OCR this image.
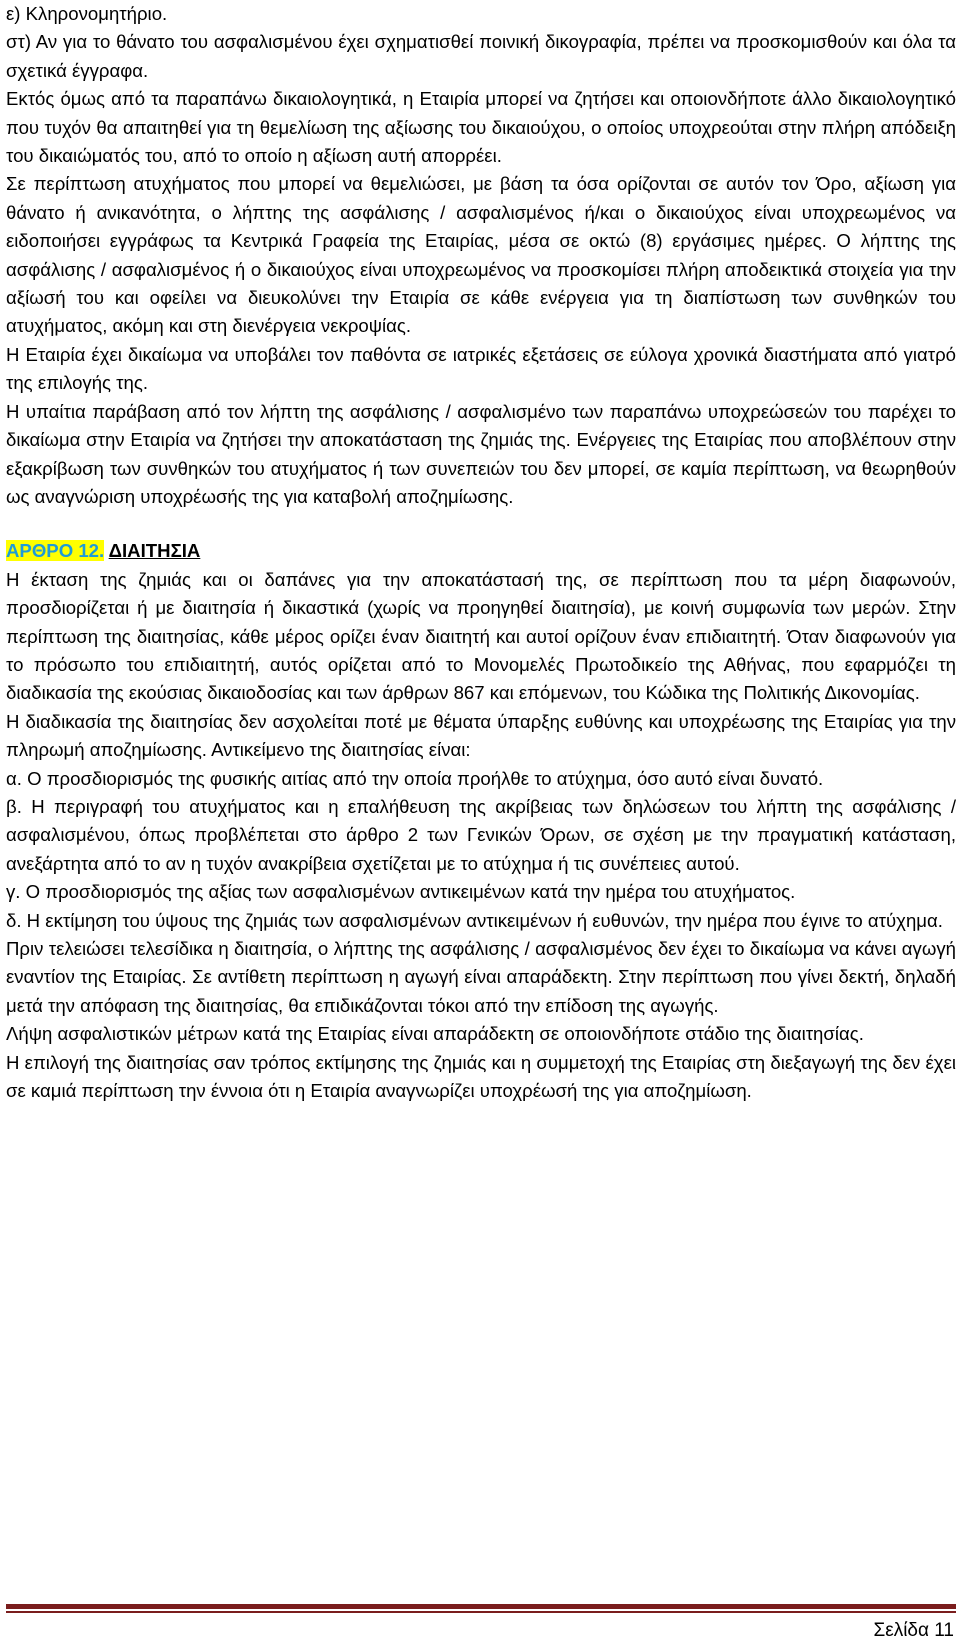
ε) Κληρονομητήριο.

στ) Αν για το θάνατο του ασφαλισμένου έχει σχηματισθεί ποινική δικογραφία, πρέπει να προσκομισθούν και όλα τα σχετικά έγγραφα.

Εκτός όμως από τα παραπάνω δικαιολογητικά, η Εταιρία μπορεί να ζητήσει και οποιονδήποτε άλλο δικαιολογητικό που τυχόν θα απαιτηθεί για τη θεμελίωση της αξίωσης του δικαιούχου, ο οποίος υποχρεούται στην πλήρη απόδειξη του δικαιώματός του, από το οποίο η αξίωση αυτή απορρέει.

Σε περίπτωση ατυχήματος που μπορεί να θεμελιώσει, με βάση τα όσα ορίζονται σε αυτόν τον Όρο, αξίωση για θάνατο ή ανικανότητα, ο λήπτης της ασφάλισης / ασφαλισμένος ή/και ο δικαιούχος είναι υποχρεωμένος να ειδοποιήσει εγγράφως τα Κεντρικά Γραφεία της Εταιρίας, μέσα σε οκτώ (8) εργάσιμες ημέρες. Ο λήπτης της ασφάλισης / ασφαλισμένος ή ο δικαιούχος είναι υποχρεωμένος να προσκομίσει πλήρη αποδεικτικά στοιχεία για την αξίωσή του και οφείλει να διευκολύνει την Εταιρία σε κάθε ενέργεια για τη διαπίστωση των συνθηκών του ατυχήματος, ακόμη και στη διενέργεια νεκροψίας.

Η Εταιρία έχει δικαίωμα να υποβάλει τον παθόντα σε ιατρικές εξετάσεις σε εύλογα χρονικά διαστήματα από γιατρό της επιλογής της.

Η υπαίτια παράβαση από τον λήπτη της ασφάλισης / ασφαλισμένο των παραπάνω υποχρεώσεών του παρέχει το δικαίωμα στην Εταιρία να ζητήσει την αποκατάσταση της ζημιάς της. Ενέργειες της Εταιρίας που αποβλέπουν στην εξακρίβωση των συνθηκών του ατυχήματος ή των συνεπειών του δεν μπορεί, σε καμία περίπτωση, να θεωρηθούν ως αναγνώριση υποχρέωσής της για καταβολή αποζημίωσης.

ΑΡΘΡΟ 12. ΔΙΑΙΤΗΣΙΑ

Η έκταση της ζημιάς και οι δαπάνες για την αποκατάστασή της, σε περίπτωση που τα μέρη διαφωνούν, προσδιορίζεται ή με διαιτησία ή δικαστικά (χωρίς να προηγηθεί διαιτησία), με κοινή συμφωνία των μερών. Στην περίπτωση της διαιτησίας, κάθε μέρος ορίζει έναν διαιτητή και αυτοί ορίζουν έναν επιδιαιτητή. Όταν διαφωνούν για το πρόσωπο του επιδιαιτητή, αυτός ορίζεται από το Μονομελές Πρωτοδικείο της Αθήνας, που εφαρμόζει τη διαδικασία της εκούσιας δικαιοδοσίας και των άρθρων 867 και επόμενων, του Κώδικα της Πολιτικής Δικονομίας.

Η διαδικασία της διαιτησίας δεν ασχολείται ποτέ με θέματα ύπαρξης ευθύνης και υποχρέωσης της Εταιρίας για την πληρωμή αποζημίωσης. Αντικείμενο της διαιτησίας είναι:

α. Ο προσδιορισμός της φυσικής αιτίας από την οποία προήλθε το ατύχημα, όσο αυτό είναι δυνατό.

β. Η περιγραφή του ατυχήματος και η επαλήθευση της ακρίβειας των δηλώσεων του λήπτη της ασφάλισης / ασφαλισμένου, όπως προβλέπεται στο άρθρο 2 των Γενικών Όρων, σε σχέση με την πραγματική κατάσταση, ανεξάρτητα από το αν η τυχόν ανακρίβεια σχετίζεται με το ατύχημα ή τις συνέπειες αυτού.

γ. Ο προσδιορισμός της αξίας των ασφαλισμένων αντικειμένων κατά την ημέρα του ατυχήματος.

δ. Η εκτίμηση του ύψους της ζημιάς των ασφαλισμένων αντικειμένων ή ευθυνών, την ημέρα που έγινε το ατύχημα.

Πριν τελειώσει τελεσίδικα η διαιτησία, ο λήπτης της ασφάλισης / ασφαλισμένος δεν έχει το δικαίωμα να κάνει αγωγή εναντίον της Εταιρίας. Σε αντίθετη περίπτωση η αγωγή είναι απαράδεκτη. Στην περίπτωση που γίνει δεκτή, δηλαδή μετά την απόφαση της διαιτησίας, θα επιδικάζονται τόκοι από την επίδοση της αγωγής.

Λήψη ασφαλιστικών μέτρων κατά της Εταιρίας είναι απαράδεκτη σε οποιονδήποτε στάδιο της διαιτησίας.

Η επιλογή της διαιτησίας σαν τρόπος εκτίμησης της ζημιάς και η συμμετοχή της Εταιρίας στη διεξαγωγή της δεν έχει σε καμιά περίπτωση την έννοια ότι η Εταιρία αναγνωρίζει υποχρέωσή της για αποζημίωση.

Σελίδα 11
